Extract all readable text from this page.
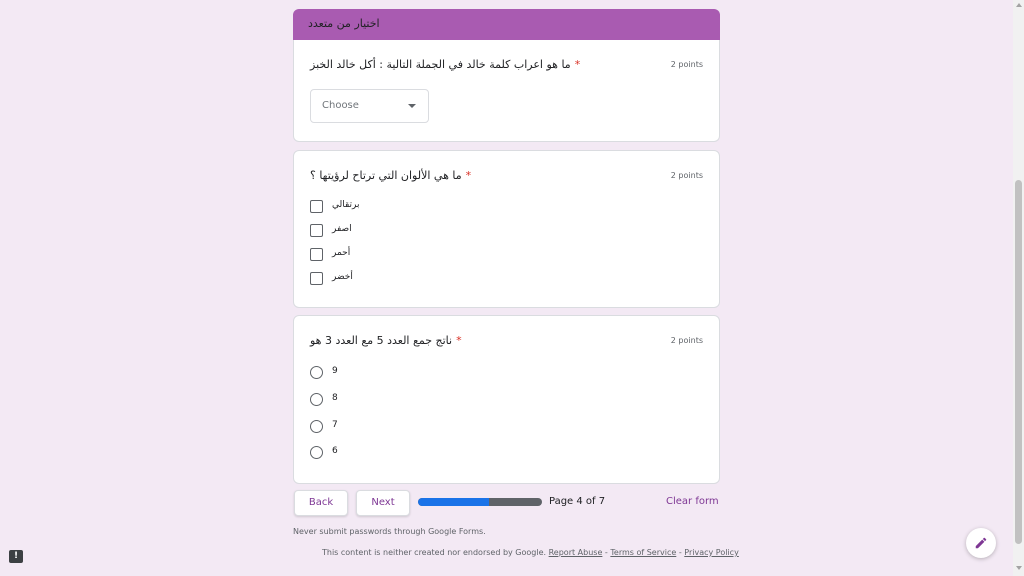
اختيار من متعدد
ما هو اعراب كلمة خالد في الجملة التالية : أكل خالد الخبز *	2 points
Choose
ما هي الألوان التي ترتاح لرؤيتها ؟ *	2 points
برتقالي
اصفر
أحمر
أخضر
ناتج جمع العدد 5 مع العدد 3 هو *	2 points
9
8
7
6
Back	Next	Page 4 of 7	Clear form
Never submit passwords through Google Forms.
This content is neither created nor endorsed by Google. Report Abuse - Terms of Service - Privacy Policy
!
